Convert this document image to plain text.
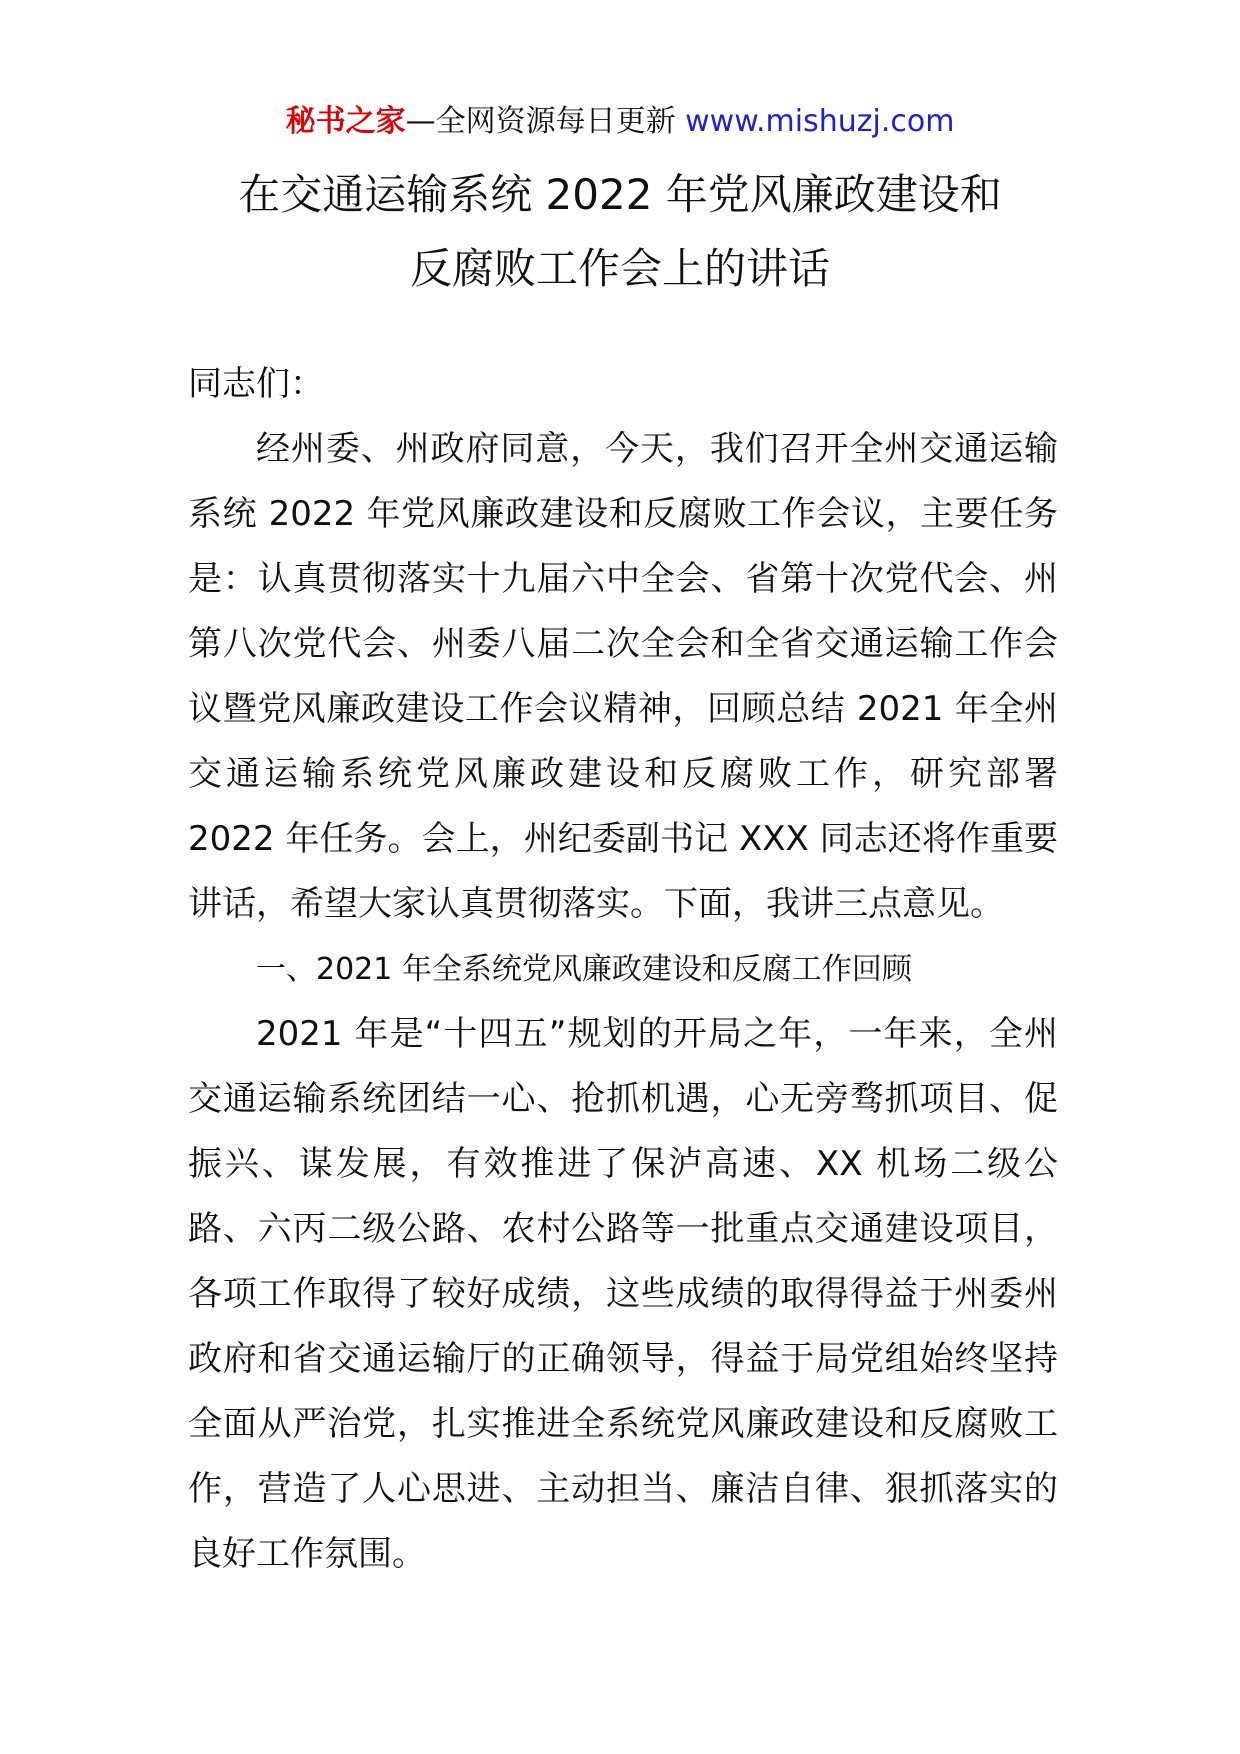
秘书之家—全网资源每日更新 www.mishuzj.com
在交通运输系统 2022 年党风廉政建设和
反腐败工作会上的讲话

同志们：

经州委、州政府同意，今天，我们召开全州交通运输系统 2022 年党风廉政建设和反腐败工作会议，主要任务是：认真贯彻落实十九届六中全会、省第十次党代会、州第八次党代会、州委八届二次全会和全省交通运输工作会议暨党风廉政建设工作会议精神，回顾总结 2021 年全州交通运输系统党风廉政建设和反腐败工作，研究部署 2022 年任务。会上，州纪委副书记 XXX 同志还将作重要讲话，希望大家认真贯彻落实。下面，我讲三点意见。

一、2021 年全系统党风廉政建设和反腐工作回顾

2021 年是“十四五”规划的开局之年，一年来，全州交通运输系统团结一心、抢抓机遇，心无旁骛抓项目、促振兴、谋发展，有效推进了保泸高速、XX 机场二级公路、六丙二级公路、农村公路等一批重点交通建设项目，各项工作取得了较好成绩，这些成绩的取得得益于州委州政府和省交通运输厅的正确领导，得益于局党组始终坚持全面从严治党，扎实推进全系统党风廉政建设和反腐败工作，营造了人心思进、主动担当、廉洁自律、狠抓落实的良好工作氛围。
